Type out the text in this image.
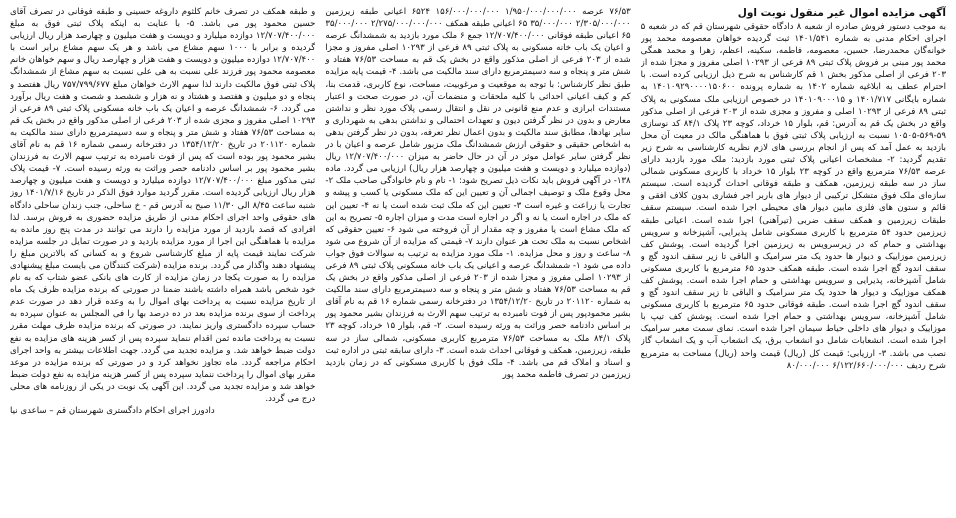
آگهی مزایده اموال غیر منقول نوبت اول

به موجب دستور فروش صادره از شعبه ۸ دادگاه حقوقی شهرستان قم که در شعبه ۵ اجرای احکام مدنی به شماره ۱۴۰۱/۵۴۱ ثبت گردیده خواهان معصومه محمد پور خوانه‌گان محمدرضا، حسین، معصومه، فاطمه، سکینه، اعظم، زهرا و محمد همگی محمد پور مبنی بر فروش پلاک ثبتی ۸۹ فرعی از ۱۰۲۹۳ اصلی مفروز و مجزا شده از ۲۰۳ فرعی از اصلی مذکور بخش ۱ قم کارشناس به شرح ذیل ارزیابی کرده است. با احترام عطف به ابلاغیه شماره ۱۴۰۲ به شماره پرونده ۱۴۰۱۰۹۲۹۰۰۰۰۱۵۰۶۰۰ به شماره بایگانی ۱۴۰۱/۷۱۷ و ۱۴۰۱۰۹۰۰۰۱۵ در خصوص ارزیابی ملک مسکونی به پلاک ثبتی ۸۹ فرعی از ۱۰۲۹۳ اصلی و مفروز و مجزی شده از ۲۰۳ فرعی از اصلی مذکور واقع در بخش یک قم به آدرس: قم، بلوار ۱۵ خرداد، کوچه ۲۳ پلاک ۸۴/۱ کد نوسازی ۵۹-۵۶۹-۱۰۵۰۵ نسبت به ارزیابی پلاک ثبتی فوق با هماهنگی مالک در معیت آن محل بازدید به عمل آمد که پس از انجام بررسی های لازم نظریه کارشناسی به شرح زیر تقدیم گردید: ۲- مشخصات اعیانی پلاک ثبتی مورد بازدید: ملک مورد بازدید دارای عرصه ۷۶/۵۳ مترمربع واقع در کوچه ۲۳ بلوار ۱۵ خرداد با کاربری مسکونی شمالی ساز در سه طبقه زیرزمین، همکف و طبقه فوقانی احداث گردیده است. سیستم سازه‌ای ملک فوق متشکل ترکیبی از دیوار های باربر اجر فشاری بدون کلاف افقی و قائم و ستون های فلزی مابین دیوار های محیطی اجرا شده است. سیستم سقف طبقات زیرزمین و همکف سقف ضربی (تیرآهنی) اجرا شده است. اعیانی طبقه زیرزمین حدود ۵۴ مترمربع با کاربری مسکونی شامل پذیرایی، آشپزخانه و سرویس بهداشتی و حمام که در زیرسرویس به زیرزمین اجرا گردیده است. پوشش کف زیرزمین موزاییک و دیوار ها حدود یک متر سرامیک و الباقی تا زیر سقف اندود گچ و سقف اندود گچ اجرا شده است. طبقه همکف حدود ۶۵ مترمربع با کاربری مسکونی شامل آشپزخانه، پذیرایی و سرویس بهداشتی و حمام اجرا شده است. پوشش کف همکف موزاییک و دیوار ها حدود یک متر سرامیک و الباقی تا زیر سقف اندود گچ و سقف اندود گچ اجرا شده است. طبقه فوقانی حدود ۶۵ مترمربع با کاربری مسکونی شامل آشپزخانه، سرویس بهداشتی و حمام اجرا شده است. پوشش کف تیپ با موزاییک و دیوار های داخلی حیاط سیمان اجرا شده است. نمای سمت معبر سرامیک اجرا شده است. انشعابات شامل دو انشعاب برق، یک انشعاب آب و یک انشعاب گاز نصب می باشد. ۳- ارزیابی: قیمت کل (ریال) قیمت واحد (ریال) مساحت به مترمربع شرح ردیف ۶/۱۲۲/۶۶۰/۰۰۰/۰۰۰ ۸۰/۰۰۰/۰۰۰

۷۶/۵۳ عرصه ۱/۹۵۰/۰۰۰/۰۰۰/۰۰۰ ۱۵۶/۰۰۰/۰۰۰/۰۰۰ ۶۵۲۴ اعیانی طبقه زیرزمین ۲/۳۰۵/۰۰۰/۰۰۰ ۳۵/۰۰۰/۰۰۰ ۶۵ اعیانی طبقه همکف ۲/۲۷۵/۰۰۰/۰۰۰/۰۰۰ ۳۵/۰۰۰/۰۰۰ ۶۵ اعیانی طبقه فوقانی ۱۲/۷۰۷/۴۰۰/۰۰۰ جمع ۶ ملک مورد بازدید به شمشدانگ عرصه و اعیان یک باب خانه مسکونی به پلاک ثبتی ۸۹ فرعی از ۱۰۲۹۳ اصلی مفروز و مجزا شده از ۲۰۳ فرعی از اصلی مذکور واقع در بخش یک قم به مساحت ۷۶/۵۳ هفتاد و شش متر و پنجاه و سه دسیمترمربع دارای سند مالکیت می باشد. ۴- قیمت پایه مزایده طبق نظر کارشناس: با توجه به موقعیت و مرغوبیت، مساحت، نوع کاربری، قدمت بنا، کم و کیف اعیانی احداثی با کلیه ملحقات و منضمات آن، در صورت صحت و اعتبار مستندات ابرازی و عدم منع قانونی در نقل و انتقال رسمی پلاک مورد نظر و نداشتن معارض و بدون در نظر گرفتن دیون و تعهدات احتمالی و نداشتن بدهی به شهرداری و سایر نهادها، مطابق سند مالکیت و بدون اعمال نظر تعرفه، بدون در نظر گرفتن بدهی به اشخاص حقیقی و حقوقی ارزش شمشدانگ ملک مزبور شامل عرصه و اعیان با در نظر گرفتن سایر عوامل موثر در آن در حال حاضر به میزان ۱۲/۷۰۷/۴۰۰/۰۰۰ ریال (دوازده میلیارد و دویست و هفت میلیون و چهارصد هزار ریال) ارزیابی می گردد. ماده ۱۳۸- در آگهی فروش باید نکات ذیل تصریح شود: ۱- نام و نام خانوادگی صاحب ملک ۲- محل وقوع ملک و توصیف اجمالی آن و تعیین این که ملک مسکونی یا کسب و پیشه و تجارت یا زراعت و غیره است ۳- تعیین این که ملک ثبت شده است یا نه ۴- تعیین این که ملک در اجاره است یا نه و اگر در اجاره است مدت و میزان اجاره ۵- تصریح به این که ملک مشاع است یا مفروز و چه مقدار از آن فروخته می شود ۶- تعیین حقوقی که اشخاص نسبت به ملک تحت هر عنوان دارند ۷- قیمتی که مزایده از آن شروع می شود ۸- ساعت و روز و محل مزایده. ۱- ملک مورد مزایده به ترتیب به سوالات فوق جواب داده می شود ۱- شمشدانگ عرصه و اعیانی یک باب خانه مسکونی پلاک ثبتی ۸۹ فرعی از ۱۰۲۹۳ اصلی مفروز و مجزا شده از ۲۰۳ فرعی از اصلی مذکور واقع در بخش یک قم به مساحت ۷۶/۵۳ هفتاد و شش متر و پنجاه و سه دسیمترمربع دارای سند مالکیت به شماره ۲۰۱۱۲۰ در تاریخ ۱۳۵۴/۱۲/۲۰ در دفترخانه رسمی شماره ۱۶ قم به نام آقای بشیر محمودپور پس از فوت نامبرده به ترتیب سهم الارث به فرزندان بشیر محمود پور بر اساس دادنامه حصر وراثت به ورثه رسیده است. ۲- قم، بلوار ۱۵ خرداد، کوچه ۲۳ پلاک ۸۴/۱ ملک به مساحت ۷۶/۵۳ مترمربع کاربری مسکونی، شمالی ساز در سه طبقه، زیرزمین، همکف و فوقانی احداث شده است. ۳- دارای سابقه ثبتی در اداره ثبت و اسناد و املاک قم می باشد. ۴- ملک فوق با کاربری مسکونی که در زمان بازدید زیرزمین در تصرف فاطمه محمد پور

و طبقه همکف در تصرف خانم کلثوم داروغه حسینی و طبقه فوقانی در تصرف آقای حسین محمود پور می باشد. ۵- با عنایت به اینکه پلاک ثبتی فوق به مبلغ ۱۲/۷۰۷/۴۰۰/۰۰۰ دوازده میلیارد و دویست و هفت میلیون و چهارصد هزار ریال ارزیابی گردیده و برابر با ۱۰۰۰ سهم مشاع می باشد و هر یک سهم مشاع برابر است با ۱۲/۷۰۷/۴۰۰ دوازده میلیون و دویست و هفت هزار و چهارصد ریال و سهم خواهان خانم معصومه محمود پور فرزند علی نسبت به هی علی نسبت به سهم مشاع از شمشدانگ پلاک ثبتی فوق مالکیت دارند لذا سهم الارث خواهان مبلغ ۷۵۷/۷۹۹/۶۷۷ ریال هفتصد و پنجاه و دو میلیون و هفتصد و هشتاد و نه هزار و ششصد و شصت و هفت ریال برآورد می گردد. ۶- شمشدانگ عرصه و اعیان یک باب خانه مسکونی پلاک ثبتی ۸۹ فرعی از ۱۰۲۹۳ اصلی مفروز و مجزی شده از ۲۰۳ فرعی از اصلی مذکور واقع در بخش یک قم به مساحت ۷۶/۵۳ هفتاد و شش متر و پنجاه و سه دسیمترمربع دارای سند مالکیت به شماره ۲۰۱۱۲۰ در تاریخ ۱۳۵۴/۱۲/۲۰ در دفترخانه رسمی شماره ۱۶ قم به نام آقای بشیر محمود پور بوده است که پس از فوت نامبرده به ترتیب سهم الارث به فرزندان بشیر محمود پور بر اساس دادنامه حصر وراثت به ورثه رسیده است. ۷- قیمت پلاک ثبتی مذکور مبلغ ۱۲/۷۰۷/۴۰۰/۰۰۰ دوازده میلیارد و دویست و هفت میلیون و چهارصد هزار ریال ارزیابی گردیده است. مقرر گردید موارد فوق الذکر در تاریخ ۱۴۰۱/۷/۱۶ روز شنبه ساعت ۸/۴۵ الی ۱۱/۳۰ صبح به آدرس قم - خ ساحلی، جنب زندان ساحلی دادگاه های حقوقی واحد اجرای احکام مدنی از طریق مزایده حضوری به فروش برسد. لذا افرادی که قصد بازدید از مورد مزایده را دارند می توانند در مدت پنج روز مانده به مزایده با هماهنگی این اجرا از مورد مزایده بازدید و در صورت تمایل در جلسه مزایده شرکت نمایند قیمت پایه از مبلغ کارشناسی شروع و به کسانی که بالاترین مبلغ را پیشنهاد دهند واگذار می گردد. برنده مزایده (شرکت کنندگان می بایست مبلغ پیشنهادی مزایده را به صورت یکجا در زمان مزایده از کارت های بانکی عضو شتاب که به نام خود شخص باشد همراه داشته باشند ضمنا در صورتی که برنده مزایده ظرف یک ماه از تاریخ مزایده نسبت به پرداخت بهای اموال را به وعده قرار دهد در صورت عدم پرداخت از سوی برنده مزایده بعد در ده درصد بها را فی المجلس به عنوان سپرده به حساب سپرده دادگستری واریز نمایند. در صورتی که برنده مزایده ظرف مهلت مقرر نسبت به پرداخت مانده ثمن اقدام ننماید سپرده پس از کسر هزینه های مزایده به نفع دولت ضبط خواهد شد. و مزایده تجدید می گردد. جهت اطلاعات بیشتر به واحد اجرای احکام مراجعه گردد. ماه تجاوز نخواهد کرد و در صورتی که برنده مزایده در موعد مقرر بهای اموال را پرداخت ننماید سپرده پس از کسر هزینه مزایده به نفع دولت ضبط خواهد شد و مزایده تجدید می گردد. این آگهی یک نوبت در یکی از روزنامه های محلی درج می گردد.

دادورز اجرای احکام دادگستری شهرستان قم – ساعدی نیا
